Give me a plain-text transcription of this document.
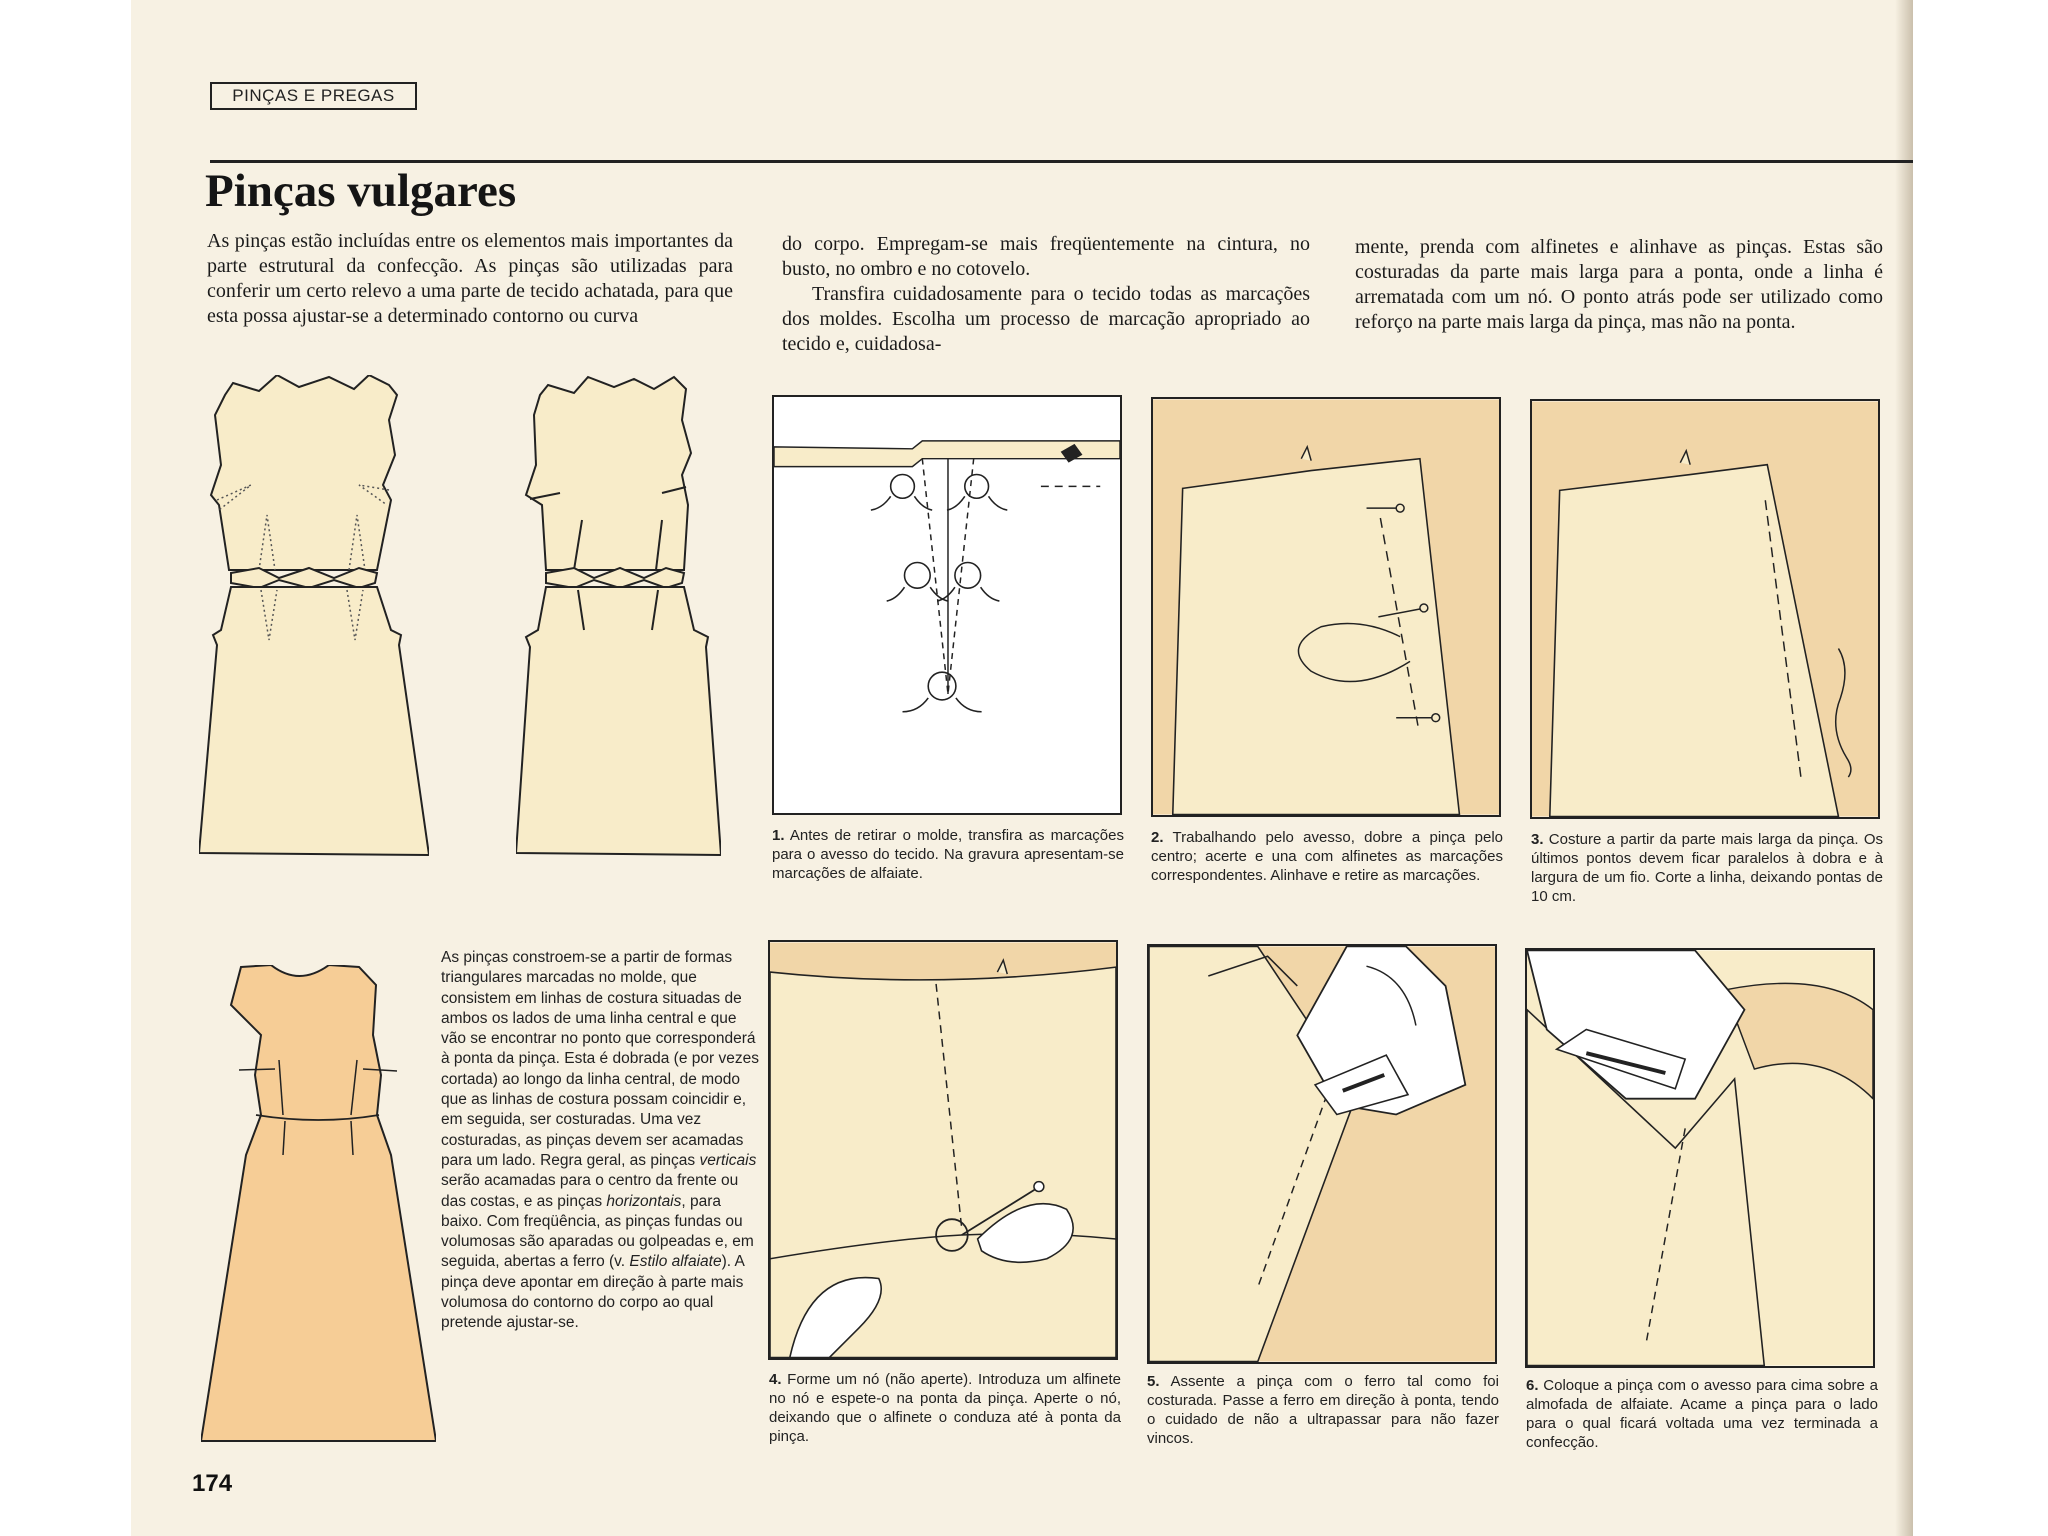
PINÇAS E PREGAS
Pinças vulgares

As pinças estão incluídas entre os elementos mais importantes da parte estrutural da confecção. As pinças são utilizadas para conferir um certo relevo a uma parte de tecido achatada, para que esta possa ajustar-se a determinado contorno ou curva

do corpo. Empregam-se mais freqüentemente na cintura, no busto, no ombro e no cotovelo.

Transfira cuidadosamente para o tecido todas as marcações dos moldes. Escolha um processo de marcação apropriado ao tecido e, cuidadosa-

mente, prenda com alfinetes e alinhave as pinças. Estas são costuradas da parte mais larga para a ponta, onde a linha é arrematada com um nó. O ponto atrás pode ser utilizado como reforço na parte mais larga da pinça, mas não na ponta.

As pinças constroem-se a partir de formas triangulares marcadas no molde, que consistem em linhas de costura situadas de ambos os lados de uma linha central e que vão se encontrar no ponto que corresponderá à ponta da pinça. Esta é dobrada (e por vezes cortada) ao longo da linha central, de modo que as linhas de costura possam coincidir e, em seguida, ser costuradas. Uma vez costuradas, as pinças devem ser acamadas para um lado. Regra geral, as pinças verticais serão acamadas para o centro da frente ou das costas, e as pinças horizontais, para baixo. Com freqüência, as pinças fundas ou volumosas são aparadas ou golpeadas e, em seguida, abertas a ferro (v. Estilo alfaiate). A pinça deve apontar em direção à parte mais volumosa do contorno do corpo ao qual pretende ajustar-se.

1. Antes de retirar o molde, transfira as marcações para o avesso do tecido. Na gravura apresentam-se marcações de alfaiate.

2. Trabalhando pelo avesso, dobre a pinça pelo centro; acerte e una com alfinetes as marcações correspondentes. Alinhave e retire as marcações.

3. Costure a partir da parte mais larga da pinça. Os últimos pontos devem ficar paralelos à dobra e à largura de um fio. Corte a linha, deixando pontas de 10 cm.

4. Forme um nó (não aperte). Introduza um alfinete no nó e espete-o na ponta da pinça. Aperte o nó, deixando que o alfinete o conduza até à ponta da pinça.

5. Assente a pinça com o ferro tal como foi costurada. Passe a ferro em direção à ponta, tendo o cuidado de não a ultrapassar para não fazer vincos.

6. Coloque a pinça com o avesso para cima sobre a almofada de alfaiate. Acame a pinça para o lado para o qual ficará voltada uma vez terminada a confecção.

174
